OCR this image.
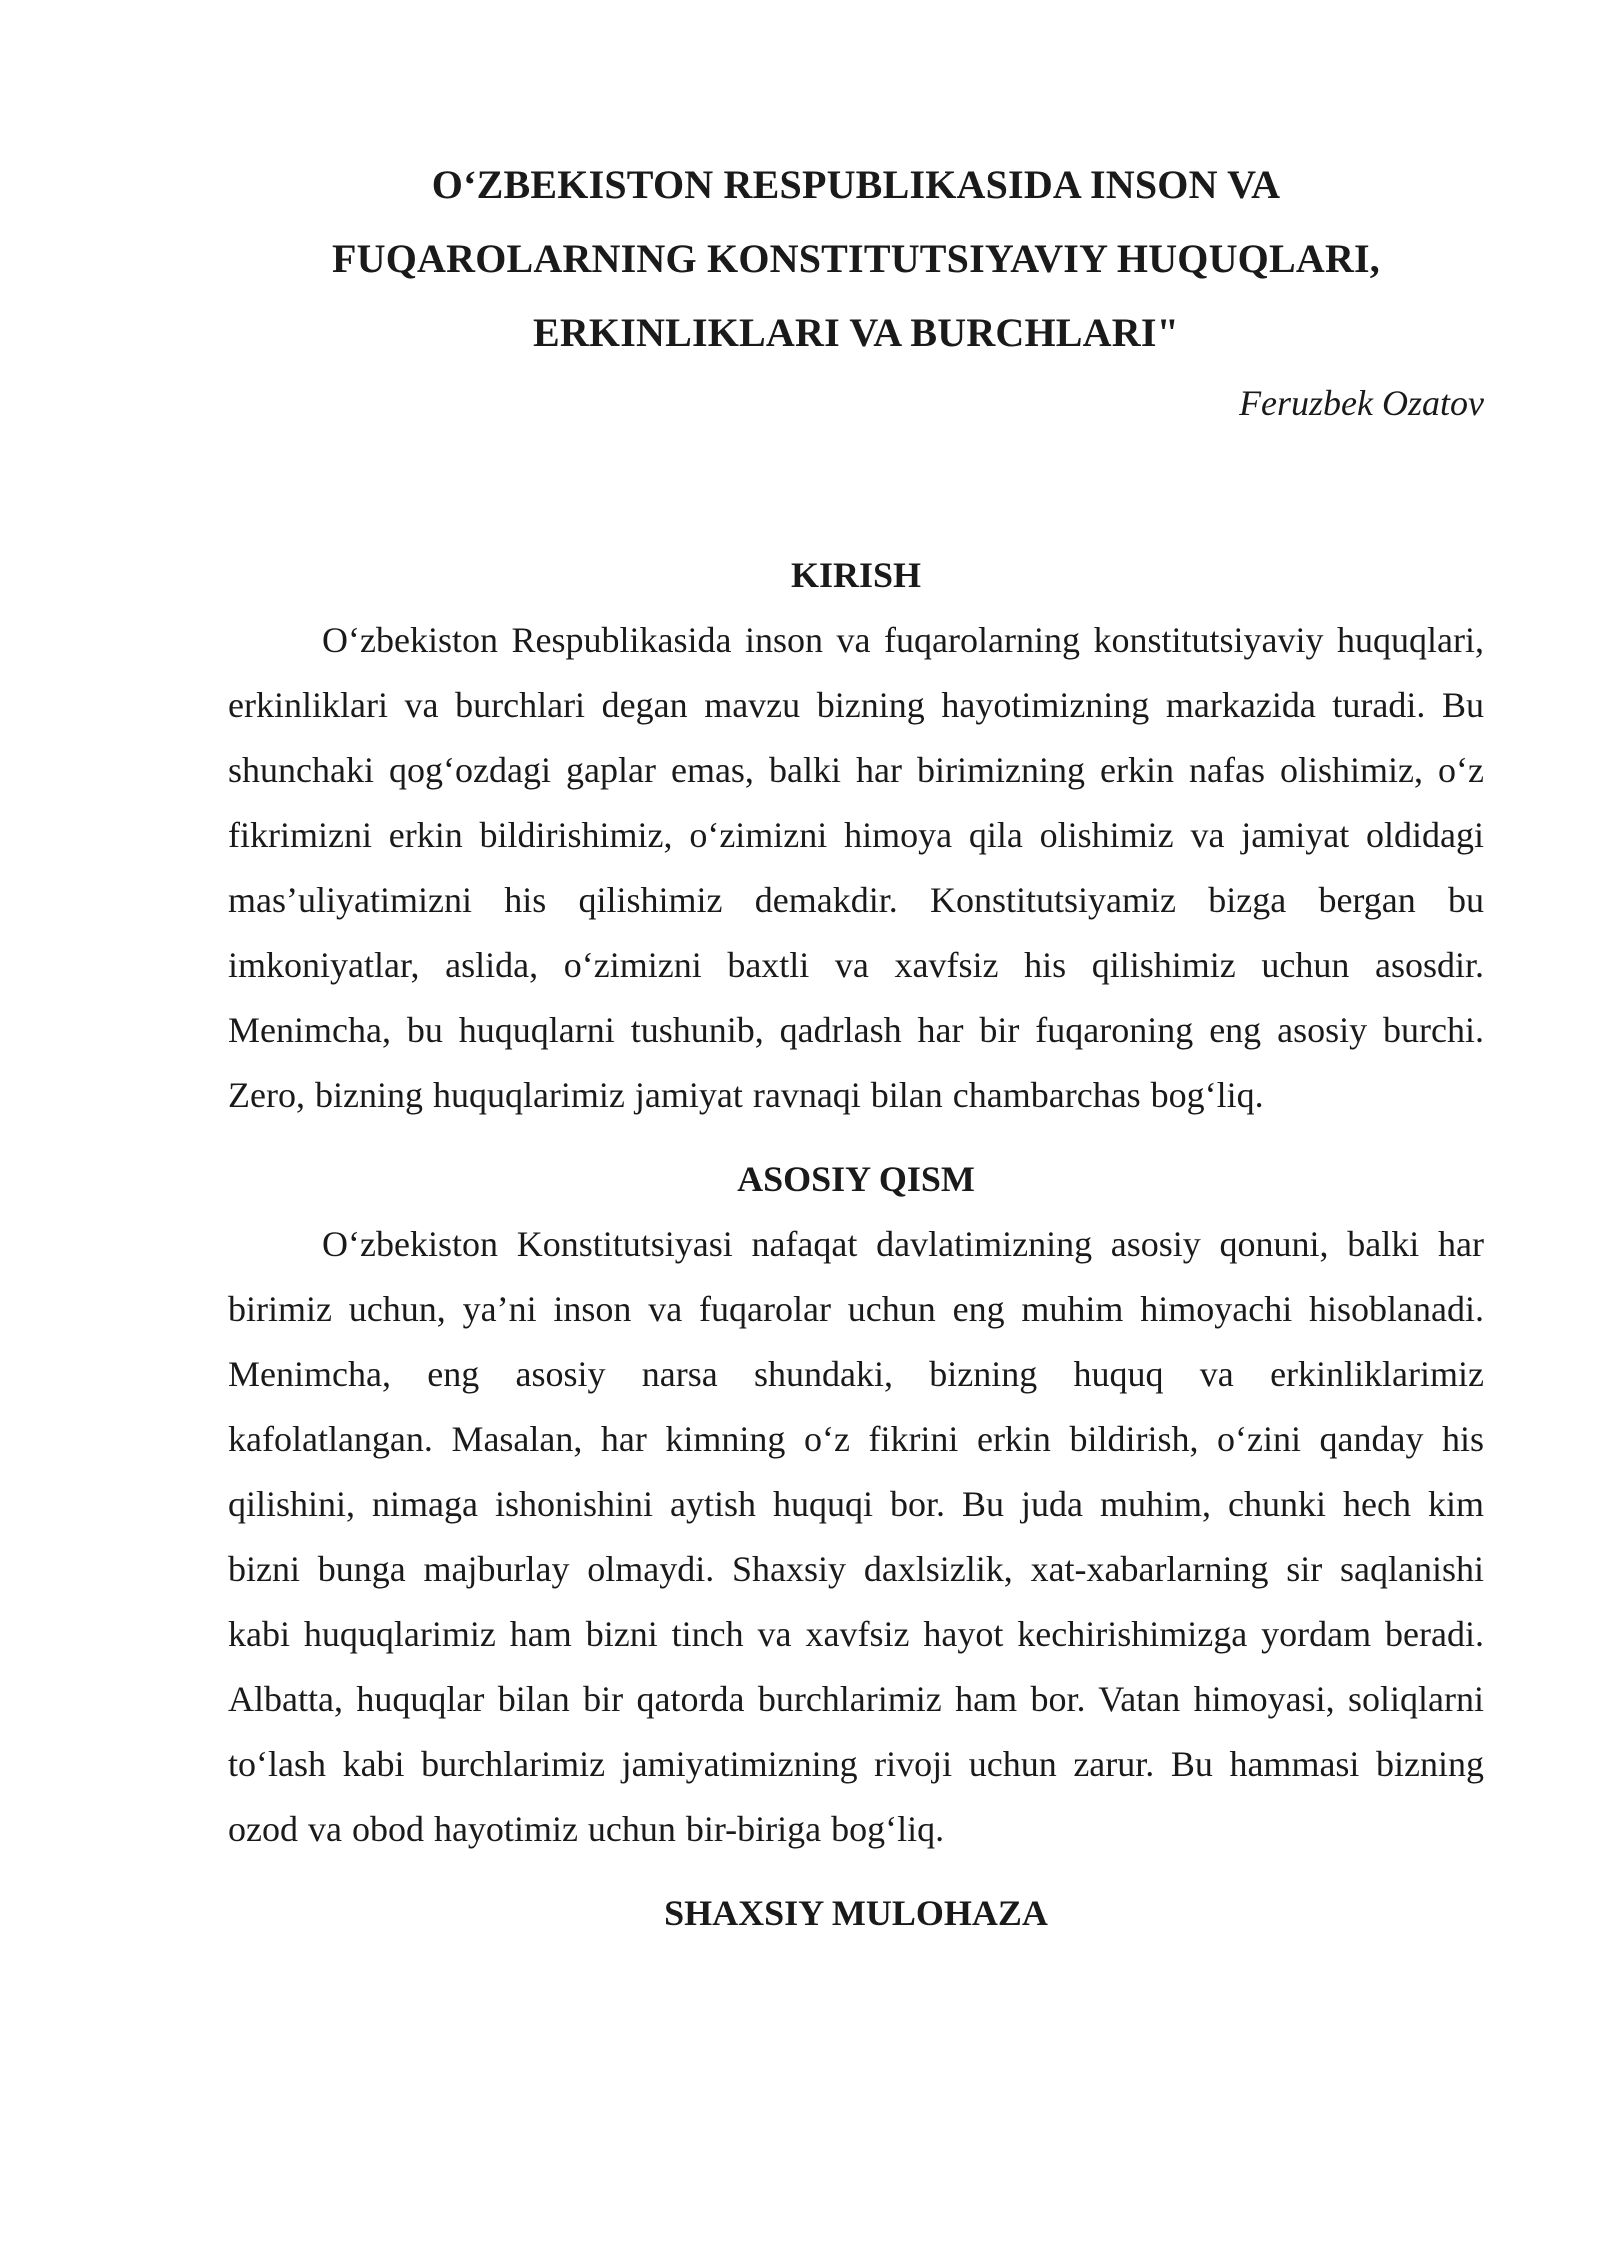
O‘ZBEKISTON RESPUBLIKASIDA INSON VA
FUQAROLARNING KONSTITUTSIYAVIY HUQUQLARI,
ERKINLIKLARI VA BURCHLARI"

Feruzbek Ozatov

KIRISH

O‘zbekiston Respublikasida inson va fuqarolarning konstitutsiyaviy huquqlari, erkinliklari va burchlari degan mavzu bizning hayotimizning markazida turadi. Bu shunchaki qog‘ozdagi gaplar emas, balki har birimizning erkin nafas olishimiz, o‘z fikrimizni erkin bildirishimiz, o‘zimizni himoya qila olishimiz va jamiyat oldidagi mas’uliyatimizni his qilishimiz demakdir. Konstitutsiyamiz bizga bergan bu imkoniyatlar, aslida, o‘zimizni baxtli va xavfsiz his qilishimiz uchun asosdir. Menimcha, bu huquqlarni tushunib, qadrlash har bir fuqaroning eng asosiy burchi. Zero, bizning huquqlarimiz jamiyat ravnaqi bilan chambarchas bog‘liq.

ASOSIY QISM

O‘zbekiston Konstitutsiyasi nafaqat davlatimizning asosiy qonuni, balki har birimiz uchun, ya’ni inson va fuqarolar uchun eng muhim himoyachi hisoblanadi. Menimcha, eng asosiy narsa shundaki, bizning huquq va erkinliklarimiz kafolatlangan. Masalan, har kimning o‘z fikrini erkin bildirish, o‘zini qanday his qilishini, nimaga ishonishini aytish huquqi bor. Bu juda muhim, chunki hech kim bizni bunga majburlay olmaydi. Shaxsiy daxlsizlik, xat-xabarlarning sir saqlanishi kabi huquqlarimiz ham bizni tinch va xavfsiz hayot kechirishimizga yordam beradi. Albatta, huquqlar bilan bir qatorda burchlarimiz ham bor. Vatan himoyasi, soliqlarni to‘lash kabi burchlarimiz jamiyatimizning rivoji uchun zarur. Bu hammasi bizning ozod va obod hayotimiz uchun bir-biriga bog‘liq.

SHAXSIY MULOHAZA
